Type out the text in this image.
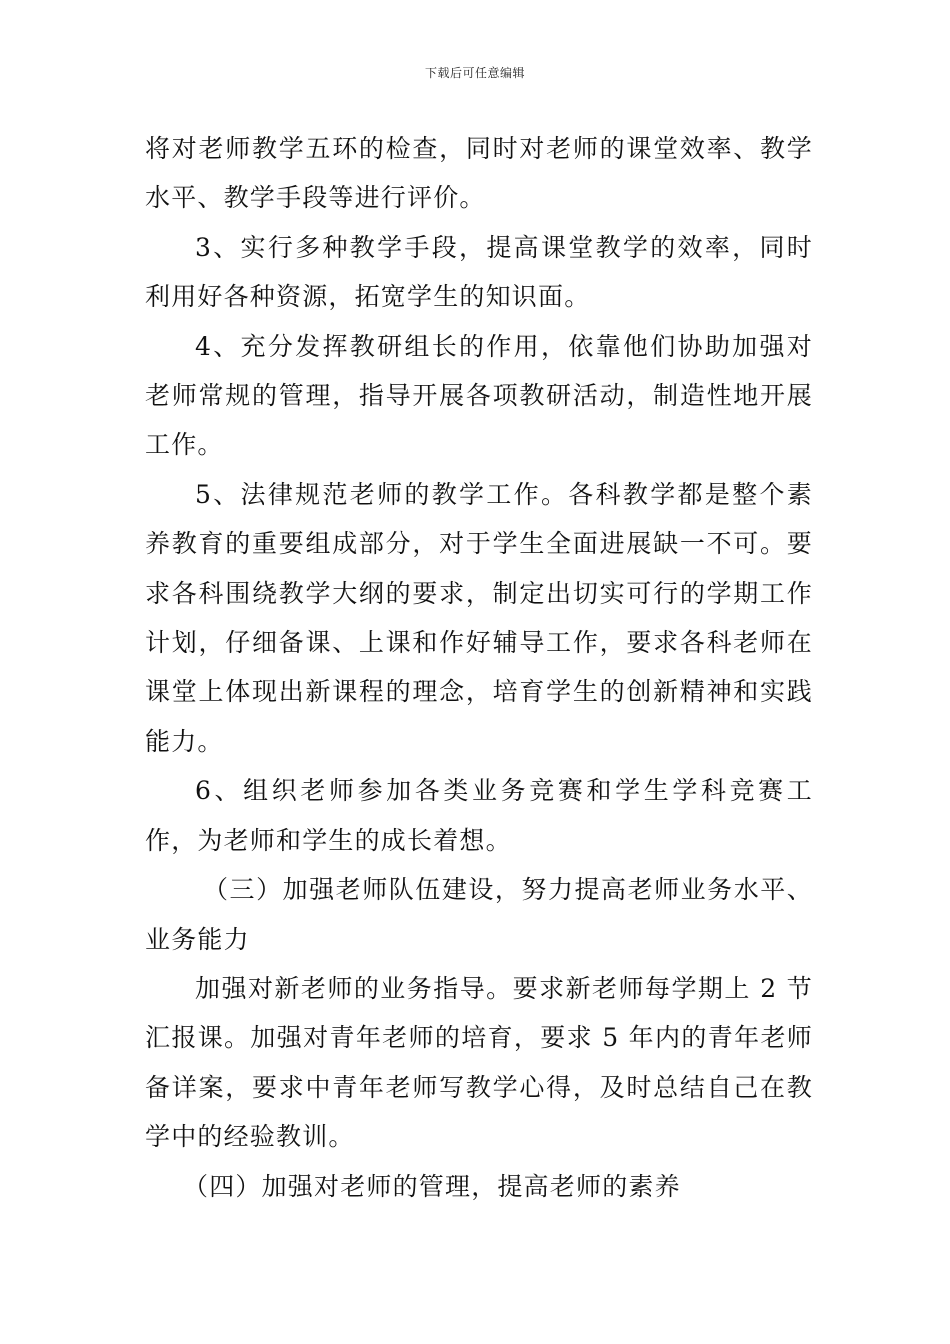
下载后可任意编辑

将对老师教学五环的检查，同时对老师的课堂效率、教学水平、教学手段等进行评价。

3、实行多种教学手段，提高课堂教学的效率，同时利用好各种资源，拓宽学生的知识面。

4、充分发挥教研组长的作用，依靠他们协助加强对老师常规的管理，指导开展各项教研活动，制造性地开展工作。

5、法律规范老师的教学工作。各科教学都是整个素养教育的重要组成部分，对于学生全面进展缺一不可。要求各科围绕教学大纲的要求，制定出切实可行的学期工作计划，仔细备课、上课和作好辅导工作，要求各科老师在课堂上体现出新课程的理念，培育学生的创新精神和实践能力。

6、组织老师参加各类业务竞赛和学生学科竞赛工作，为老师和学生的成长着想。

（三）加强老师队伍建设，努力提高老师业务水平、业务能力

加强对新老师的业务指导。要求新老师每学期上 2 节汇报课。加强对青年老师的培育，要求 5 年内的青年老师备详案，要求中青年老师写教学心得，及时总结自己在教学中的经验教训。

（四）加强对老师的管理，提高老师的素养
